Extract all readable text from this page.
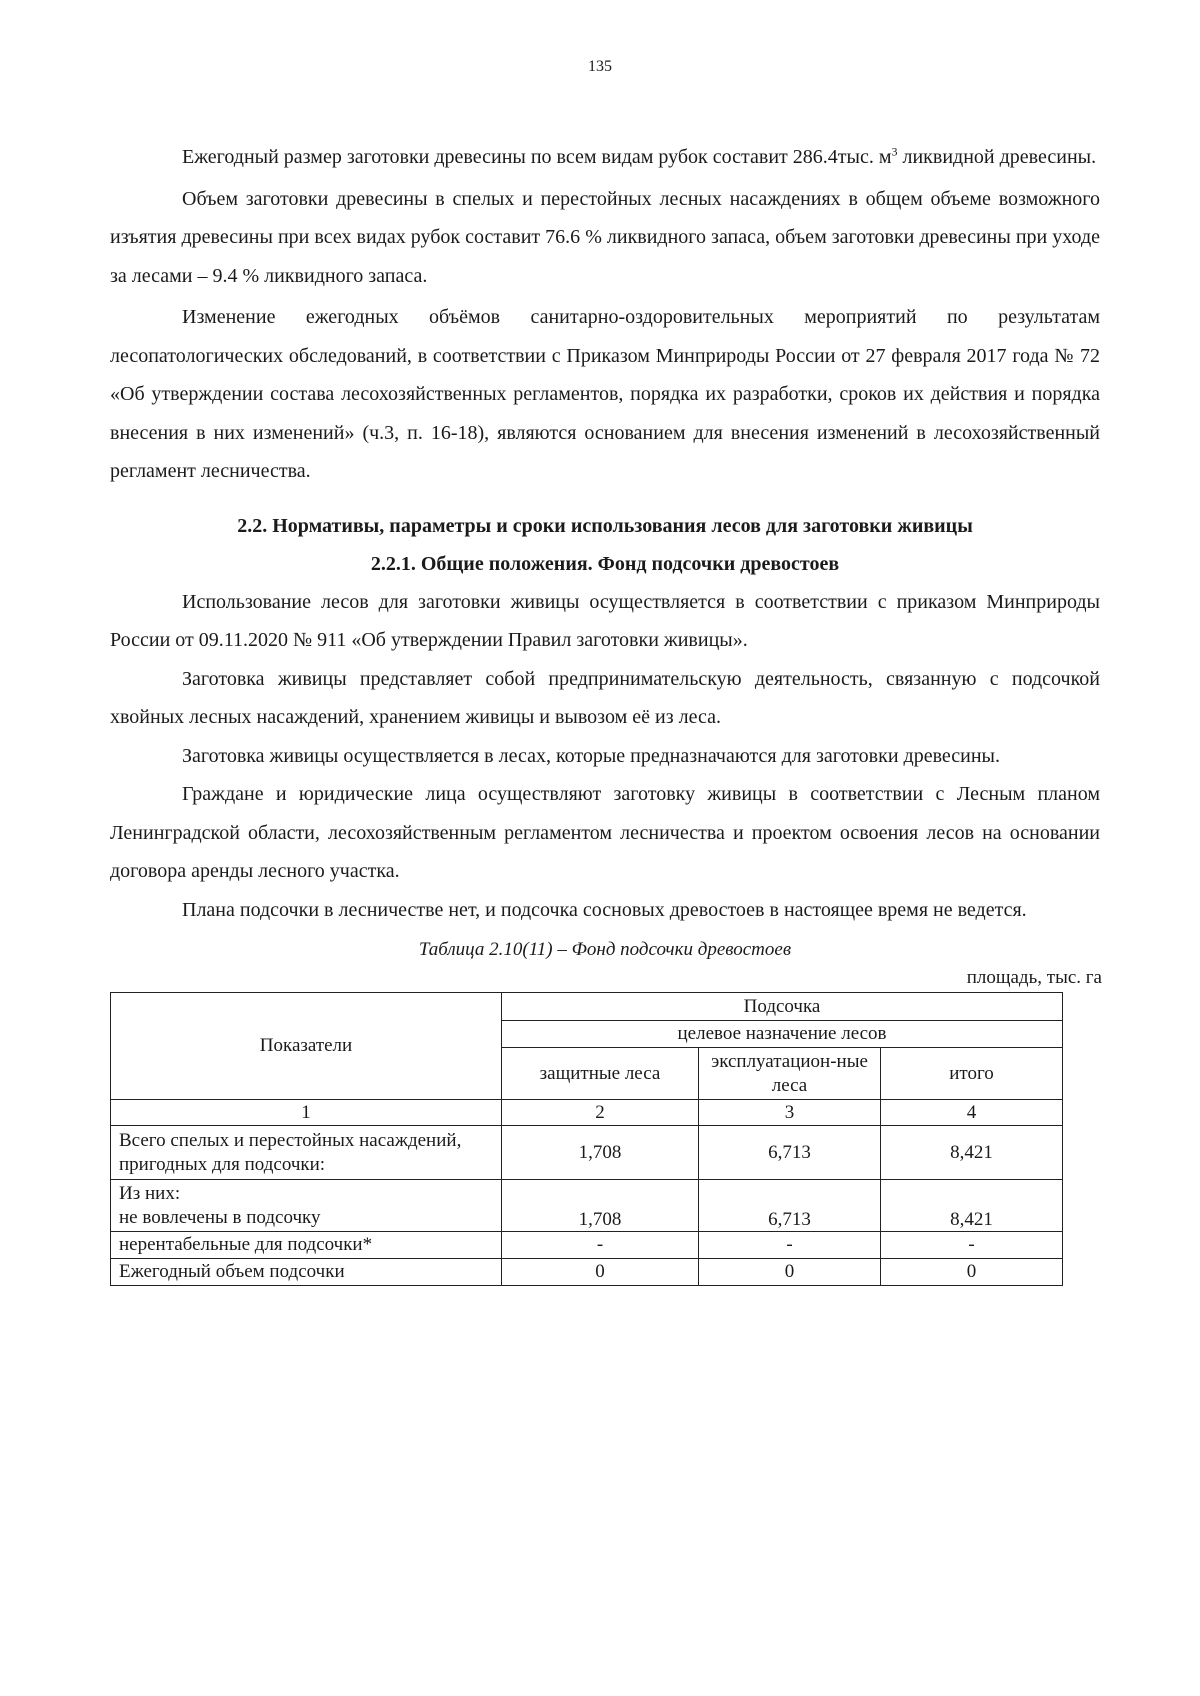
135

Ежегодный размер заготовки древесины по всем видам рубок составит 286.4тыс. $м^3$ ликвидной древесины.

Объем заготовки древесины в спелых и перестойных лесных насаждениях в общем объеме возможного изъятия древесины при всех видах рубок составит 76.6 % ликвидного запаса, объем заготовки древесины при уходе за лесами – 9.4 % ликвидного запаса.

Изменение ежегодных объёмов санитарно-оздоровительных мероприятий по результатам лесопатологических обследований, в соответствии с Приказом Минприроды России от 27 февраля 2017 года № 72 «Об утверждении состава лесохозяйственных регламентов, порядка их разработки, сроков их действия и порядка внесения в них изменений» (ч.3, п. 16-18), являются основанием для внесения изменений в лесохозяйственный регламент лесничества.

2.2. Нормативы, параметры и сроки использования лесов для заготовки живицы
2.2.1. Общие положения. Фонд подсочки древостоев

Использование лесов для заготовки живицы осуществляется в соответствии с приказом Минприроды России от 09.11.2020 № 911 «Об утверждении Правил заготовки живицы».

Заготовка живицы представляет собой предпринимательскую деятельность, связанную с подсочкой хвойных лесных насаждений, хранением живицы и вывозом её из леса.

Заготовка живицы осуществляется в лесах, которые предназначаются для заготовки древесины.

Граждане и юридические лица осуществляют заготовку живицы в соответствии с Лесным планом Ленинградской области, лесохозяйственным регламентом лесничества и проектом освоения лесов на основании договора аренды лесного участка.

Плана подсочки в лесничестве нет, и подсочка сосновых древостоев в настоящее время не ведется.

Таблица 2.10(11) – Фонд подсочки древостоев
площадь, тыс. га
Показатели	Подсочка		
	целевое назначение лесов		
	защитные леса	эксплуатацион-ные леса	итого
1	2	3	4
Всего спелых и перестойных насаждений, пригодных для подсочки:	1,708	6,713	8,421

Из них:
не вовлечены в подсочку	1,708	6,713	8,421
нерентабельные для подсочки*	-	-	-
Ежегодный объем подсочки	0	0	0
